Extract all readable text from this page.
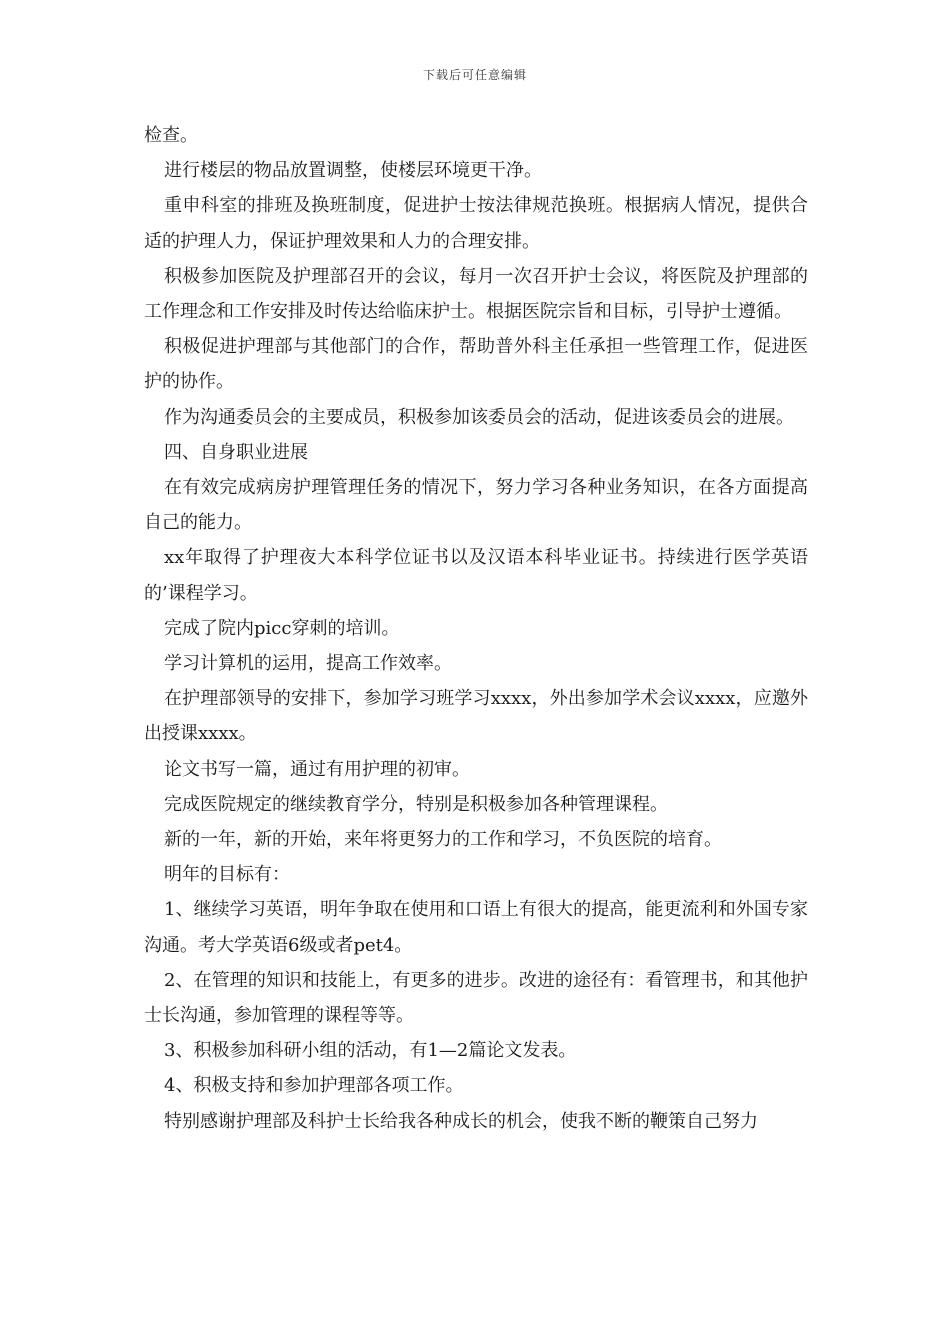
下载后可任意编辑

检查。

进行楼层的物品放置调整，使楼层环境更干净。

重申科室的排班及换班制度，促进护士按法律规范换班。根据病人情况，提供合适的护理人力，保证护理效果和人力的合理安排。

积极参加医院及护理部召开的会议，每月一次召开护士会议，将医院及护理部的工作理念和工作安排及时传达给临床护士。根据医院宗旨和目标，引导护士遵循。

积极促进护理部与其他部门的合作，帮助普外科主任承担一些管理工作，促进医护的协作。

作为沟通委员会的主要成员，积极参加该委员会的活动，促进该委员会的进展。

四、自身职业进展

在有效完成病房护理管理任务的情况下，努力学习各种业务知识，在各方面提高自己的能力。

xx年取得了护理夜大本科学位证书以及汉语本科毕业证书。持续进行医学英语的’课程学习。

完成了院内picc穿刺的培训。

学习计算机的运用，提高工作效率。

在护理部领导的安排下，参加学习班学习xxxx，外出参加学术会议xxxx，应邀外出授课xxxx。

论文书写一篇，通过有用护理的初审。

完成医院规定的继续教育学分，特别是积极参加各种管理课程。

新的一年，新的开始，来年将更努力的工作和学习，不负医院的培育。

明年的目标有：

1、继续学习英语，明年争取在使用和口语上有很大的提高，能更流利和外国专家沟通。考大学英语6级或者pet4。

2、在管理的知识和技能上，有更多的进步。改进的途径有：看管理书，和其他护士长沟通，参加管理的课程等等。

3、积极参加科研小组的活动，有1—2篇论文发表。

4、积极支持和参加护理部各项工作。

特别感谢护理部及科护士长给我各种成长的机会，使我不断的鞭策自己努力
